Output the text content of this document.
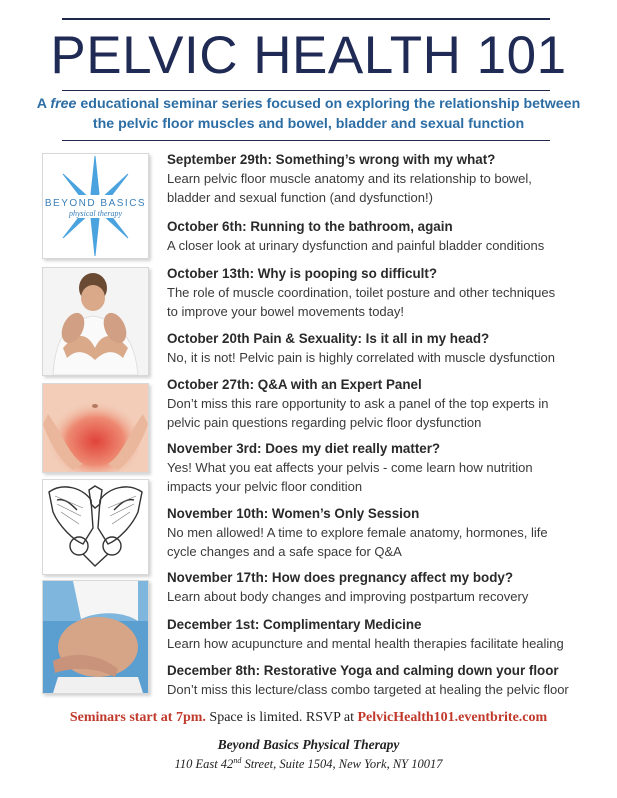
PELVIC HEALTH 101
A free educational seminar series focused on exploring the relationship between
the pelvic floor muscles and bowel, bladder and sexual function
BEYOND BASICS
physical therapy
September 29th: Something’s wrong with my what?
Learn pelvic floor muscle anatomy and its relationship to bowel,
bladder and sexual function (and dysfunction!)
October 6th: Running to the bathroom, again
A closer look at urinary dysfunction and painful bladder conditions
October 13th: Why is pooping so difficult?
The role of muscle coordination, toilet posture and other techniques
to improve your bowel movements today!
October 20th Pain & Sexuality: Is it all in my head?
No, it is not! Pelvic pain is highly correlated with muscle dysfunction
October 27th: Q&A with an Expert Panel
Don’t miss this rare opportunity to ask a panel of the top experts in
pelvic pain questions regarding pelvic floor dysfunction
November 3rd: Does my diet really matter?
Yes! What you eat affects your pelvis - come learn how nutrition
impacts your pelvic floor condition
November 10th: Women’s Only Session
No men allowed! A time to explore female anatomy, hormones, life
cycle changes and a safe space for Q&A
November 17th: How does pregnancy affect my body?
Learn about body changes and improving postpartum recovery
December 1st: Complimentary Medicine
Learn how acupuncture and mental health therapies facilitate healing
December 8th: Restorative Yoga and calming down your floor
Don’t miss this lecture/class combo targeted at healing the pelvic floor
Seminars start at 7pm. Space is limited. RSVP at PelvicHealth101.eventbrite.com
Beyond Basics Physical Therapy
110 East 42nd Street, Suite 1504, New York, NY 10017
